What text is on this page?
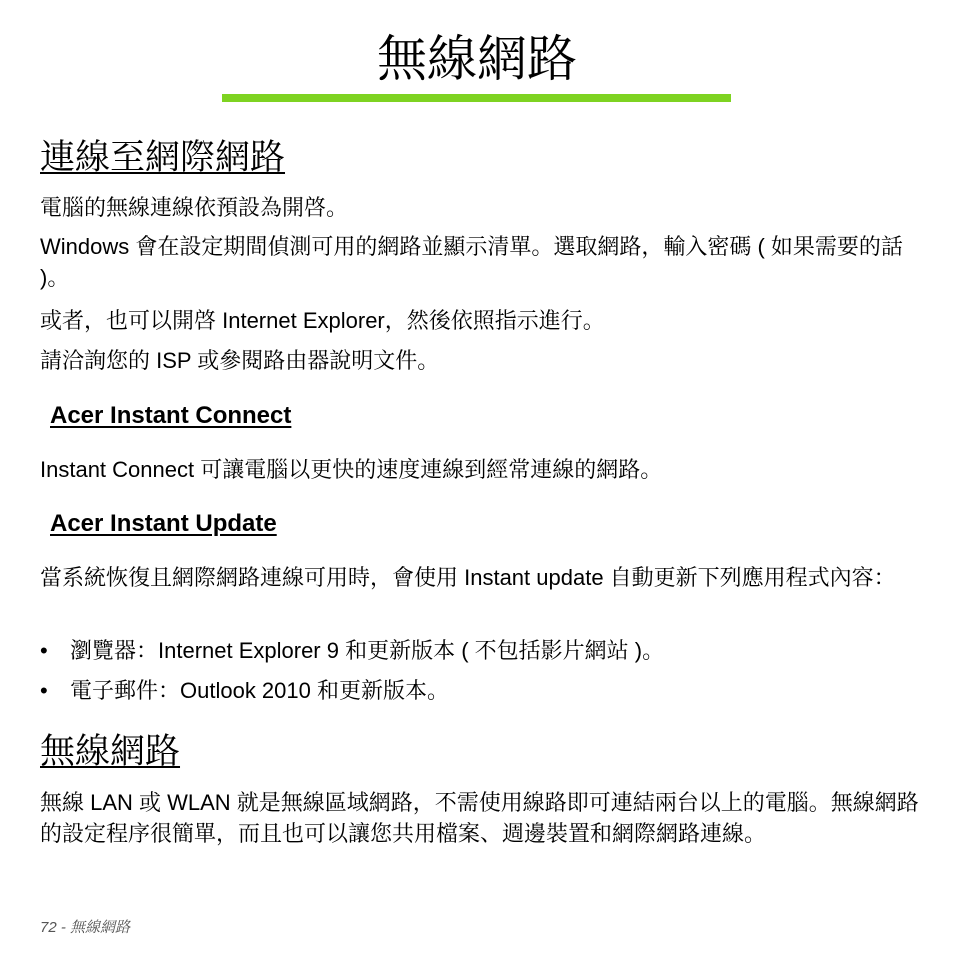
無線網路
連線至網際網路

電腦的無線連線依預設為開啓。

Windows 會在設定期間偵測可用的網路並顯示清單。選取網路，輸入密碼 ( 如果需要的話 )。

或者，也可以開啓 Internet Explorer，然後依照指示進行。

請洽詢您的 ISP 或參閱路由器說明文件。

Acer Instant Connect

Instant Connect 可讓電腦以更快的速度連線到經常連線的網路。

Acer Instant Update

當系統恢復且網際網路連線可用時，會使用 Instant update 自動更新下列應用程式內容：

• 瀏覽器：Internet Explorer 9 和更新版本 ( 不包括影片網站 )。
• 電子郵件：Outlook 2010 和更新版本。
無線網路

無線 LAN 或 WLAN 就是無線區域網路，不需使用線路即可連結兩台以上的電腦。無線網路的設定程序很簡單，而且也可以讓您共用檔案、週邊裝置和網際網路連線。

72 - 無線網路
